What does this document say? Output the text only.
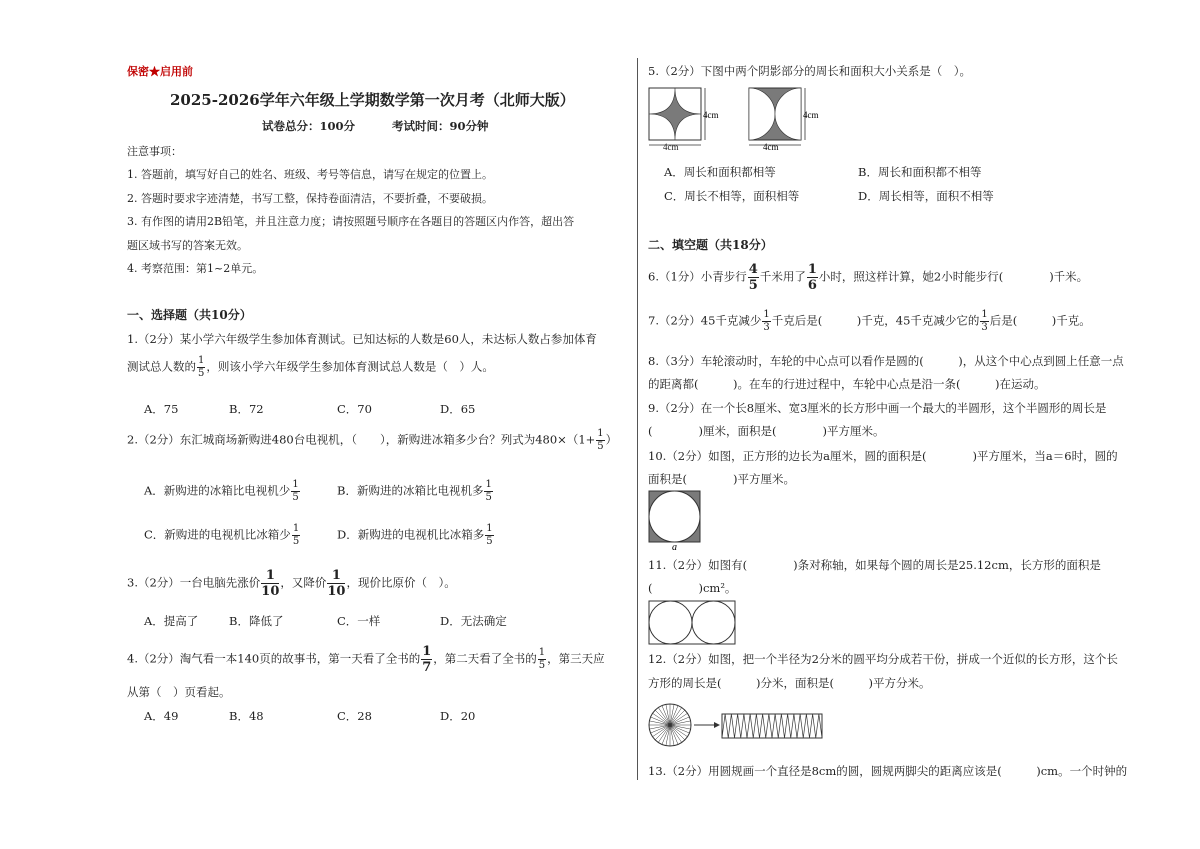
保密★启用前
2025-2026学年六年级上学期数学第一次月考（北师大版）
试卷总分：100分	考试时间：90分钟
注意事项：
1. 答题前，填写好自己的姓名、班级、考号等信息，请写在规定的位置上。
2. 答题时要求字迹清楚，书写工整，保持卷面清洁，不要折叠，不要破损。
3. 有作图的请用2B铅笔，并且注意力度；请按照题号顺序在各题目的答题区内作答，超出答
题区域书写的答案无效。
4. 考察范围：第1~2单元。
一、选择题（共10分）
1.（2分）某小学六年级学生参加体育测试。已知达标的人数是60人，未达标人数占参加体育
测试总人数的 $\frac{1}{5}$ ，则该小学六年级学生参加体育测试总人数是（　）人。
A．75	B．72	C．70	D．65
2.（2分）东汇城商场新购进480台电视机，（　　），新购进冰箱多少台？列式为$480\times(1+ \frac{1}{5}$ ）
A．新购进的冰箱比电视机少 $\frac{1}{5}$	B．新购进的冰箱比电视机多 $\frac{1}{5}$
C．新购进的电视机比冰箱少 $\frac{1}{5}$	D．新购进的电视机比冰箱多 $\frac{1}{5}$
3.（2分）一台电脑先涨价 $\frac{1}{10}$ ，又降价 $\frac{1}{10}$ ，现价比原价（　）。
A．提高了	B．降低了	C．一样	D．无法确定
4.（2分）淘气看一本140页的故事书，第一天看了全书的 $\frac{1}{7}$ ，第二天看了全书的 $\frac{1}{5}$ ，第三天应
从第（　）页看起。
A．49	B．48	C．28	D．20
5.（2分）下图中两个阴影部分的周长和面积大小关系是（　）。
4cm
4cm
4cm
4cm
A．周长和面积都相等	B．周长和面积都不相等
C．周长不相等，面积相等	D．周长相等，面积不相等
二、填空题（共18分）
6.（1分）小青步行 $\frac{4}{5}$ 千米用了 $\frac{1}{6}$ 小时，照这样计算，她2小时能步行(　　　　)千米。
7.（2分）45千克减少 $\frac{1}{3}$ 千克后是(　　　)千克，45千克减少它的 $\frac{1}{3}$ 后是(　　　)千克。
8.（3分）车轮滚动时，车轮的中心点可以看作是圆的(　　　)，从这个中心点到圆上任意一点
的距离都(　　　)。在车的行进过程中，车轮中心点是沿一条(　　　)在运动。
9.（2分）在一个长8厘米、宽3厘米的长方形中画一个最大的半圆形，这个半圆形的周长是
(　　　　)厘米，面积是(　　　　)平方厘米。
10.（2分）如图，正方形的边长为a厘米，圆的面积是(　　　　)平方厘米，当a＝6时，圆的
面积是(　　　　)平方厘米。
a
11.（2分）如图有(　　　　)条对称轴，如果每个圆的周长是25.12cm，长方形的面积是
(　　　　)cm²。
12.（2分）如图，把一个半径为2分米的圆平均分成若干份，拼成一个近似的长方形，这个长
方形的周长是(　　　)分米，面积是(　　　)平方分米。
13.（2分）用圆规画一个直径是8cm的圆，圆规两脚尖的距离应该是(　　　)cm。一个时钟的
